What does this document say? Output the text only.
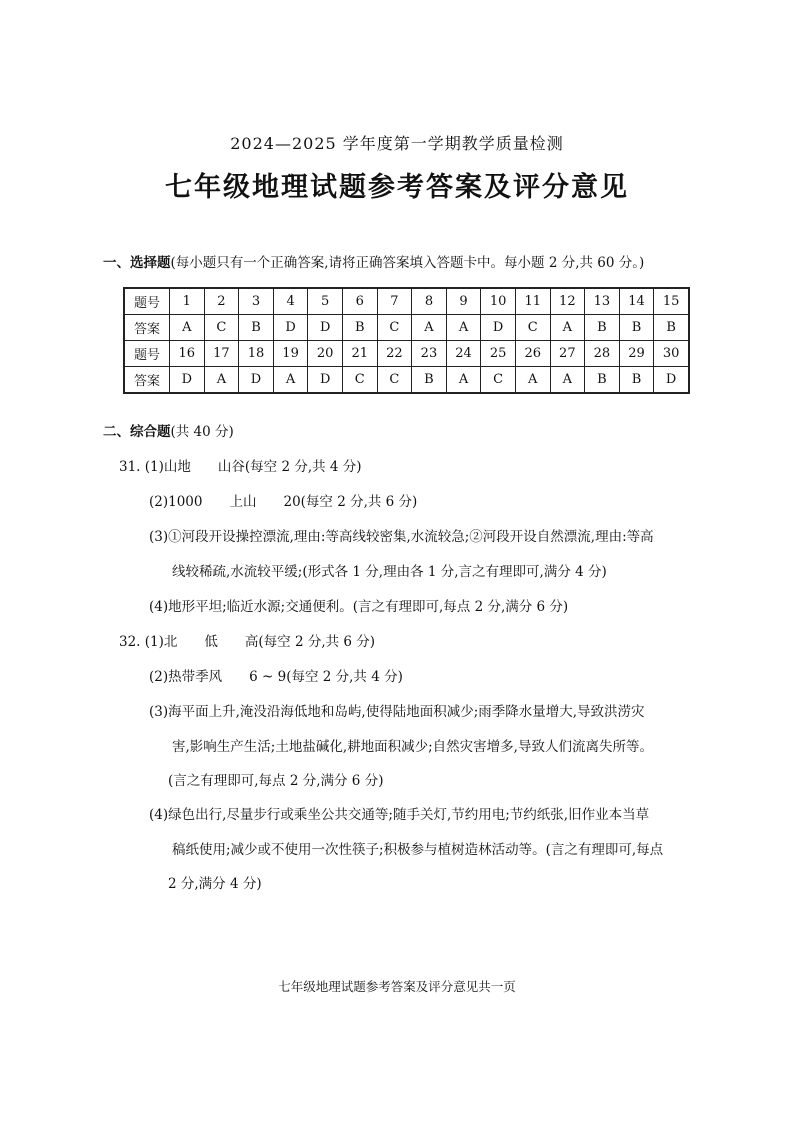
2024—2025 学年度第一学期教学质量检测
七年级地理试题参考答案及评分意见
一、选择题(每小题只有一个正确答案,请将正确答案填入答题卡中。每小题 2 分,共 60 分。)
题号	1	2	3	4	5	6	7	8	9	10	11	12	13	14	15
答案	A	C	B	D	D	B	C	A	A	D	C	A	B	B	B
题号	16	17	18	19	20	21	22	23	24	25	26	27	28	29	30
答案	D	A	D	A	D	C	C	B	A	C	A	A	B	B	D
二、综合题(共 40 分)
31. (1)山地　　山谷(每空 2 分,共 4 分)
(2)1000　　上山　　20(每空 2 分,共 6 分)
(3)①河段开设操控漂流,理由:等高线较密集,水流较急;②河段开设自然漂流,理由:等高
线较稀疏,水流较平缓;(形式各 1 分,理由各 1 分,言之有理即可,满分 4 分)
(4)地形平坦;临近水源;交通便利。(言之有理即可,每点 2 分,满分 6 分)
32. (1)北　　低　　高(每空 2 分,共 6 分)
(2)热带季风　　6 ~ 9(每空 2 分,共 4 分)
(3)海平面上升,淹没沿海低地和岛屿,使得陆地面积减少;雨季降水量增大,导致洪涝灾
害,影响生产生活;土地盐碱化,耕地面积减少;自然灾害增多,导致人们流离失所等。
(言之有理即可,每点 2 分,满分 6 分)
(4)绿色出行,尽量步行或乘坐公共交通等;随手关灯,节约用电;节约纸张,旧作业本当草
稿纸使用;减少或不使用一次性筷子;积极参与植树造林活动等。(言之有理即可,每点
2 分,满分 4 分)
七年级地理试题参考答案及评分意见共一页
